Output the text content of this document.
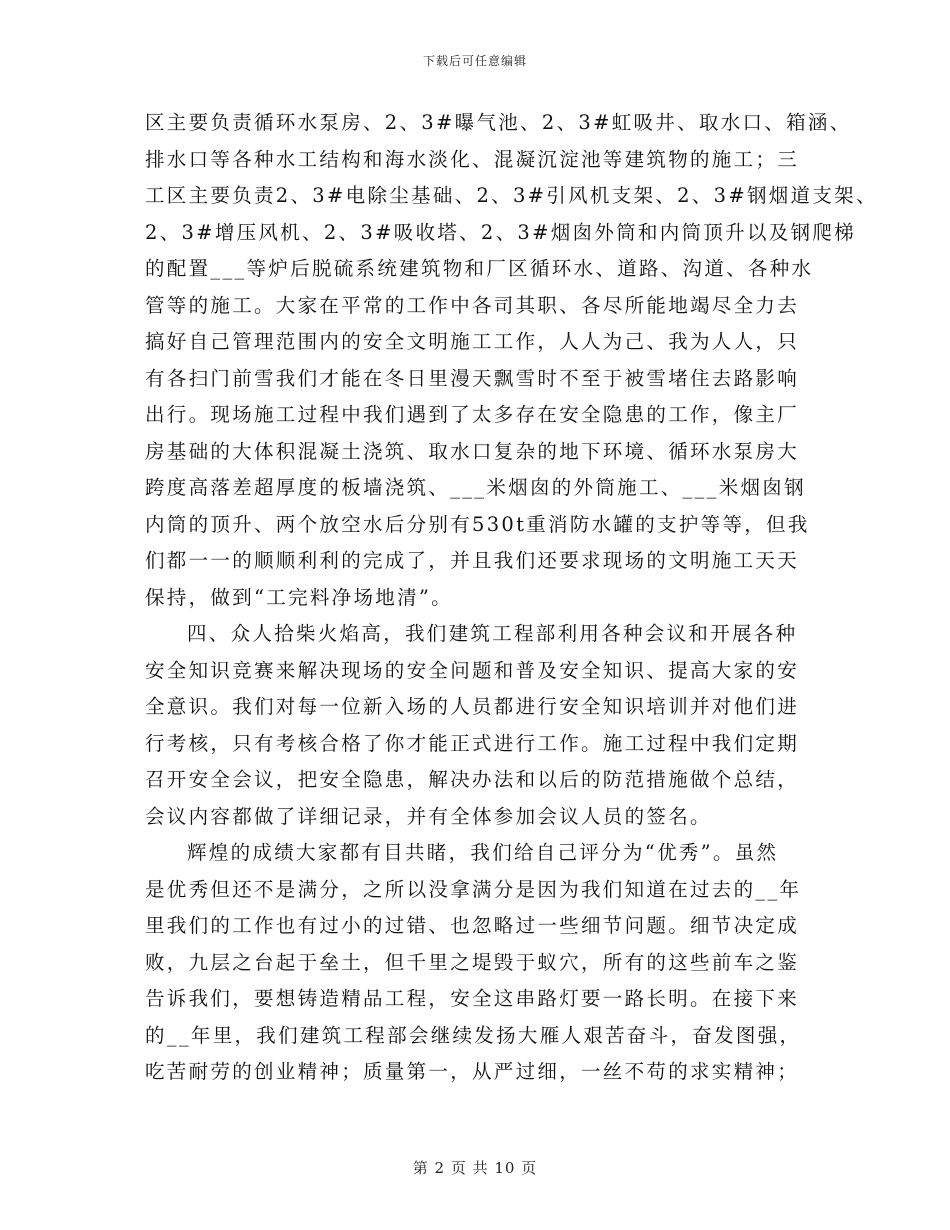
下载后可任意编辑
区主要负责循环水泵房、2、3#曝气池、2、3#虹吸井、取水口、箱涵、
排水口等各种水工结构和海水淡化、混凝沉淀池等建筑物的施工；三
工区主要负责2、3#电除尘基础、2、3#引风机支架、2、3#钢烟道支架、
2、3#增压风机、2、3#吸收塔、2、3#烟囱外筒和内筒顶升以及钢爬梯
的配置___等炉后脱硫系统建筑物和厂区循环水、道路、沟道、各种水
管等的施工。大家在平常的工作中各司其职、各尽所能地竭尽全力去
搞好自己管理范围内的安全文明施工工作，人人为己、我为人人，只
有各扫门前雪我们才能在冬日里漫天飘雪时不至于被雪堵住去路影响
出行。现场施工过程中我们遇到了太多存在安全隐患的工作，像主厂
房基础的大体积混凝土浇筑、取水口复杂的地下环境、循环水泵房大
跨度高落差超厚度的板墙浇筑、___米烟囱的外筒施工、___米烟囱钢
内筒的顶升、两个放空水后分别有530t重消防水罐的支护等等，但我
们都一一的顺顺利利的完成了，并且我们还要求现场的文明施工天天
保持，做到“工完料净场地清”。
四、众人拾柴火焰高，我们建筑工程部利用各种会议和开展各种
安全知识竞赛来解决现场的安全问题和普及安全知识、提高大家的安
全意识。我们对每一位新入场的人员都进行安全知识培训并对他们进
行考核，只有考核合格了你才能正式进行工作。施工过程中我们定期
召开安全会议，把安全隐患，解决办法和以后的防范措施做个总结，
会议内容都做了详细记录，并有全体参加会议人员的签名。
辉煌的成绩大家都有目共睹，我们给自己评分为“优秀”。虽然
是优秀但还不是满分，之所以没拿满分是因为我们知道在过去的__年
里我们的工作也有过小的过错、也忽略过一些细节问题。细节决定成
败，九层之台起于垒土，但千里之堤毁于蚁穴，所有的这些前车之鉴
告诉我们，要想铸造精品工程，安全这串路灯要一路长明。在接下来
的__年里，我们建筑工程部会继续发扬大雁人艰苦奋斗，奋发图强，
吃苦耐劳的创业精神；质量第一，从严过细，一丝不苟的求实精神；
第 2 页 共 10 页
